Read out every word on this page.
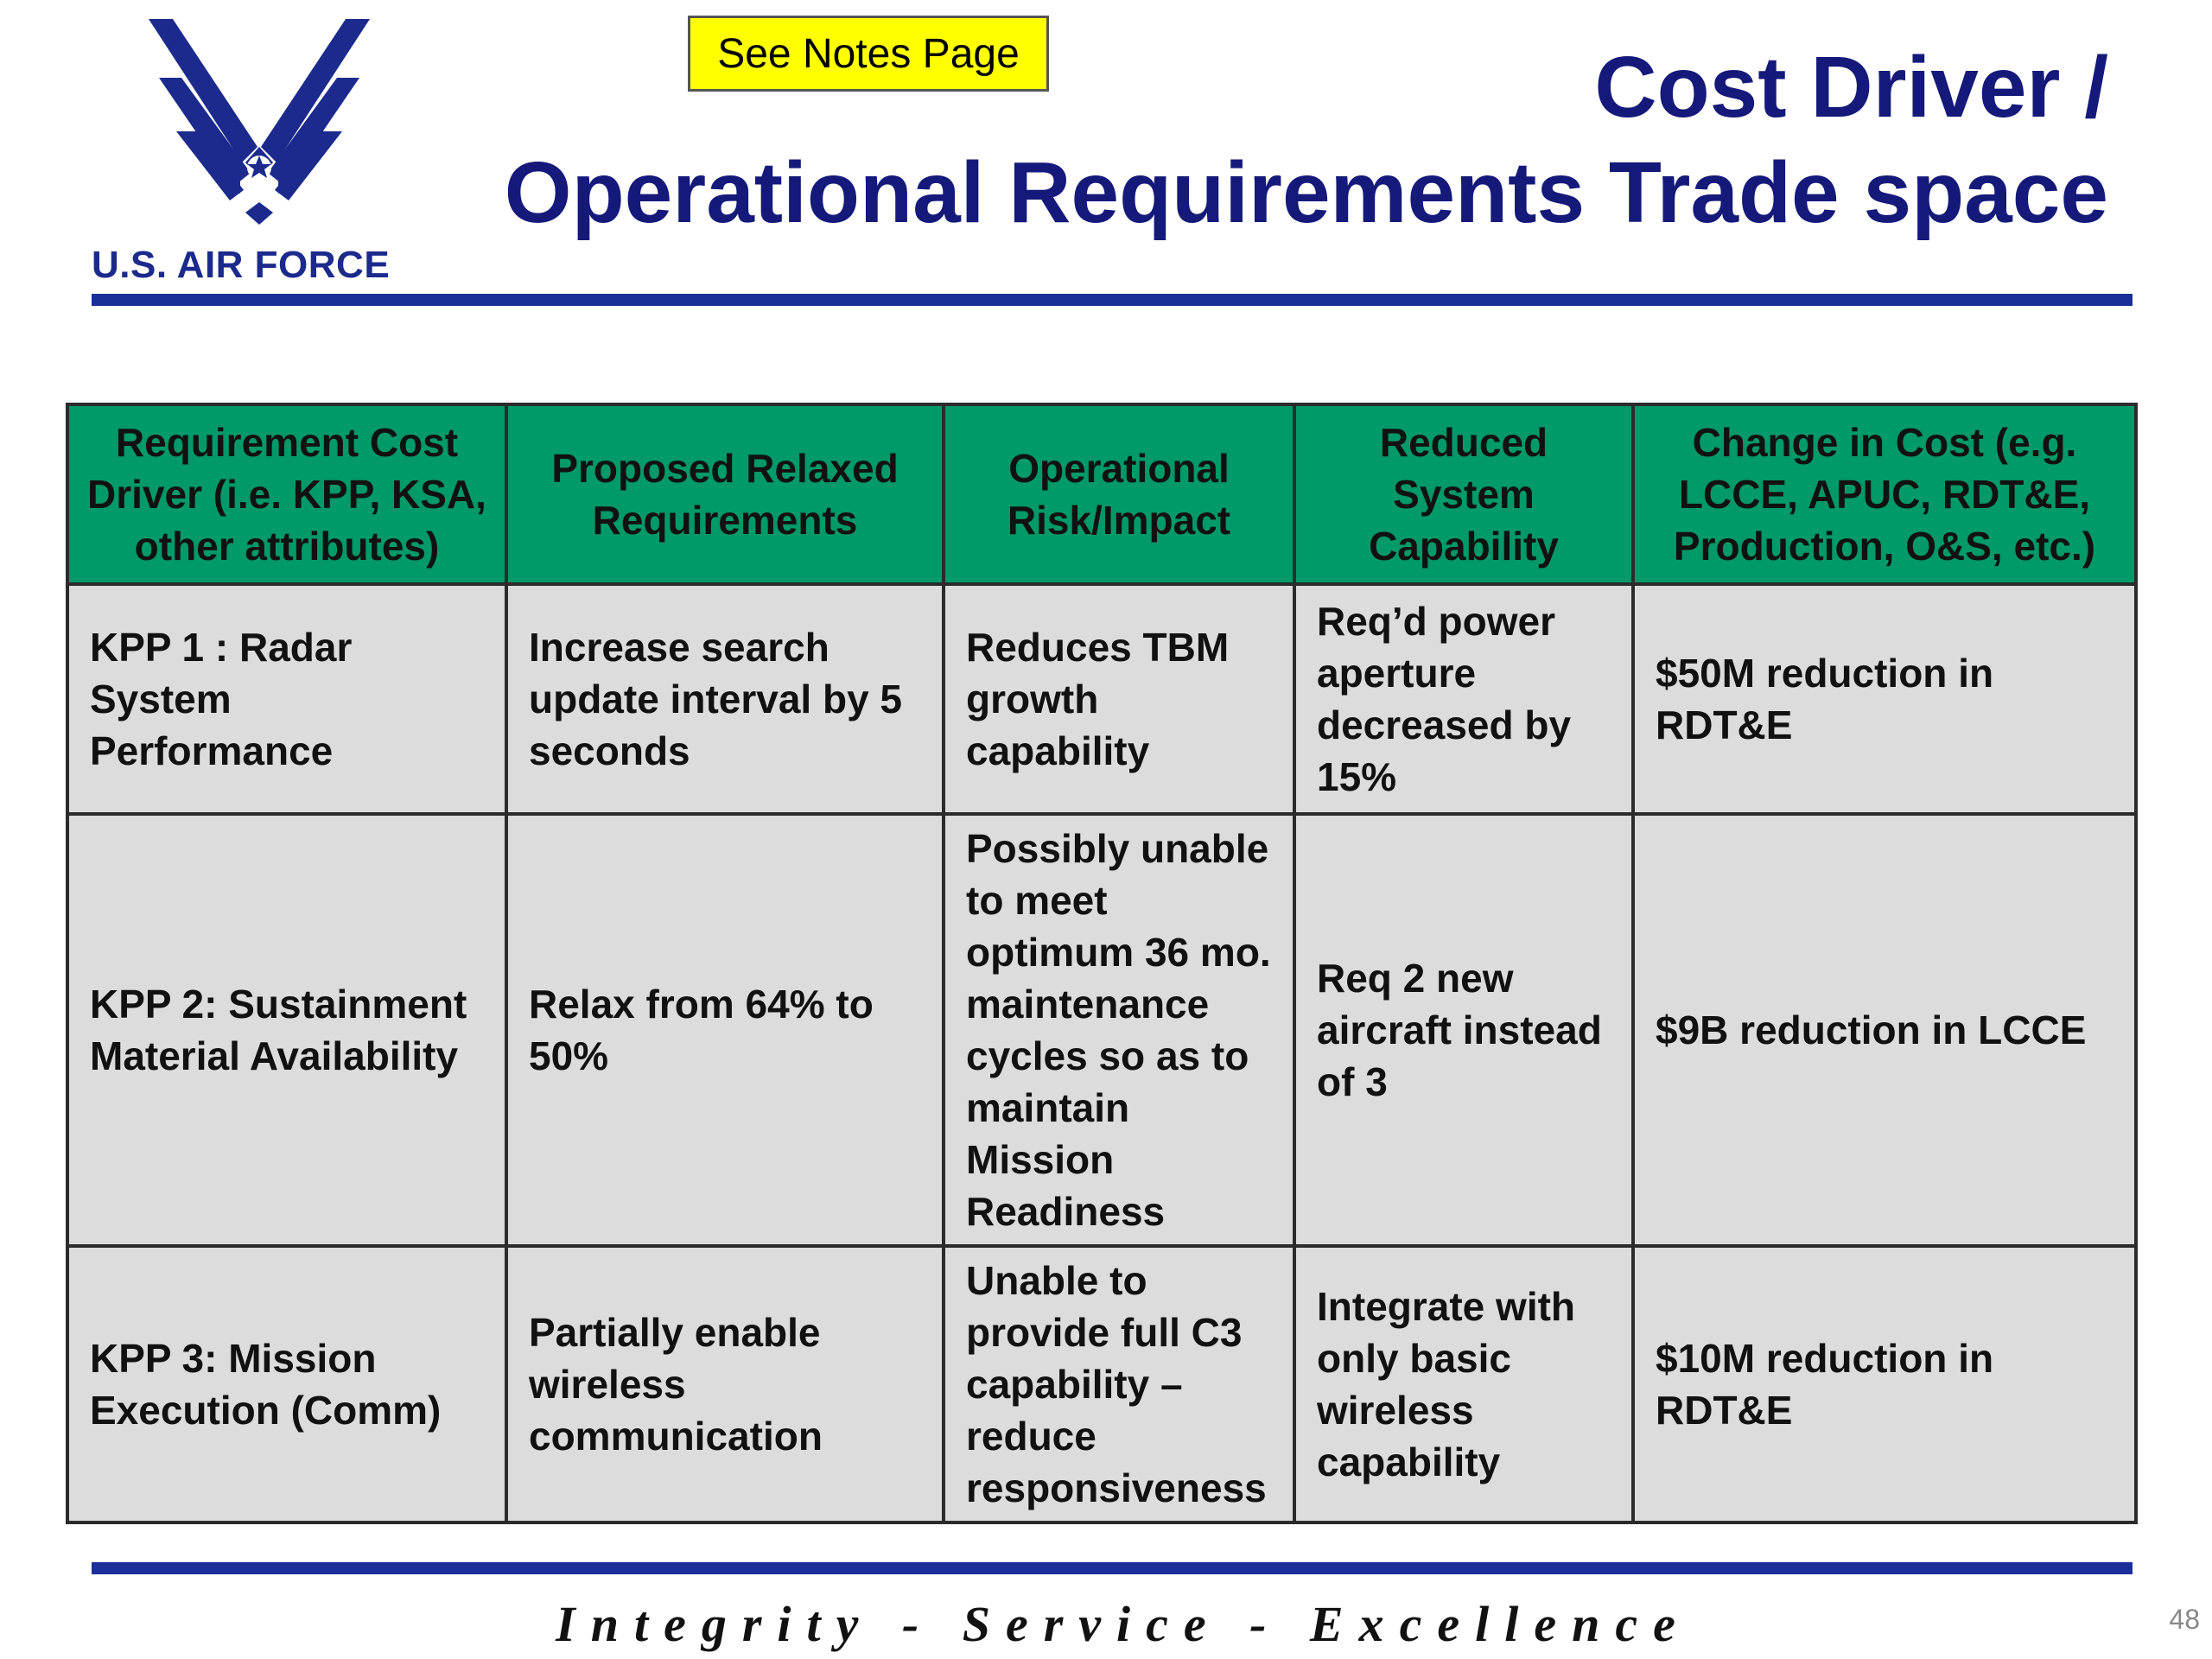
U.S. AIR FORCE
See Notes Page	Cost Driver /
Operational Requirements Trade space
Requirement Cost Driver (i.e. KPP, KSA, other attributes)	Proposed Relaxed Requirements	Operational Risk/Impact	Reduced System Capability	Change in Cost (e.g. LCCE, APUC, RDT&E, Production, O&S, etc.)
KPP 1 : Radar System Performance	Increase search update interval by 5 seconds	Reduces TBM growth capability	Req’d power aperture decreased by 15%	$50M reduction in RDT&E
KPP 2: Sustainment Material Availability	Relax from 64% to 50%	Possibly unable to meet optimum 36 mo. maintenance cycles so as to maintain Mission Readiness	Req 2 new aircraft instead of 3	$9B reduction in LCCE
KPP 3: Mission Execution (Comm)	Partially enable wireless communication	Unable to provide full C3 capability – reduce responsiveness	Integrate with only basic wireless capability	$10M reduction in RDT&E
Integrity - Service - Excellence	48
